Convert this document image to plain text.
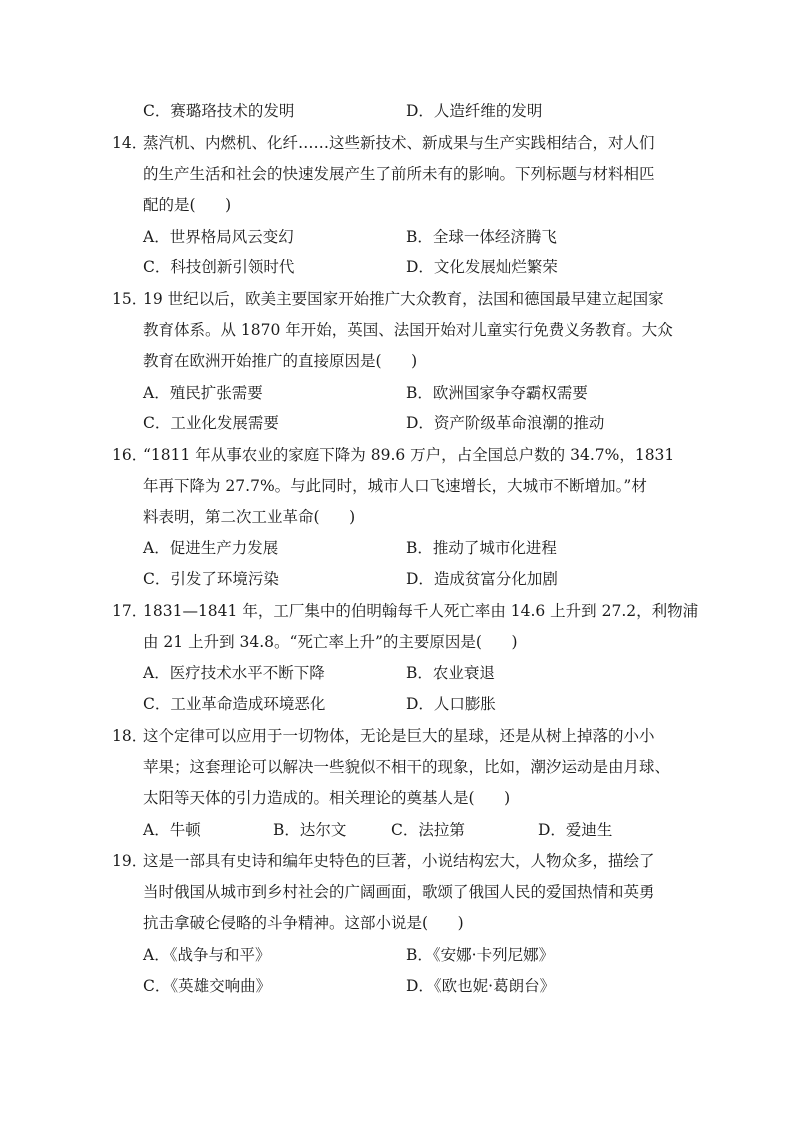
C．赛璐珞技术的发明	D．人造纤维的发明
14．
蒸汽机、内燃机、化纤……这些新技术、新成果与生产实践相结合，对人们
的生产生活和社会的快速发展产生了前所未有的影响。下列标题与材料相匹
配的是(      )
A．世界格局风云变幻	B．全球一体经济腾飞
C．科技创新引领时代	D．文化发展灿烂繁荣
15．
19 世纪以后，欧美主要国家开始推广大众教育，法国和德国最早建立起国家
教育体系。从 1870 年开始，英国、法国开始对儿童实行免费义务教育。大众
教育在欧洲开始推广的直接原因是(      )
A．殖民扩张需要	B．欧洲国家争夺霸权需要
C．工业化发展需要	D．资产阶级革命浪潮的推动
16．
“1811 年从事农业的家庭下降为 89.6 万户，占全国总户数的 34.7%，1831
年再下降为 27.7%。与此同时，城市人口飞速增长，大城市不断增加。”材
料表明，第二次工业革命(      )
A．促进生产力发展	B．推动了城市化进程
C．引发了环境污染	D．造成贫富分化加剧
17．
1831—1841 年，工厂集中的伯明翰每千人死亡率由 14.6 上升到 27.2，利物浦
由 21 上升到 34.8。“死亡率上升”的主要原因是(      )
A．医疗技术水平不断下降	B．农业衰退
C．工业革命造成环境恶化	D．人口膨胀
18．
这个定律可以应用于一切物体，无论是巨大的星球，还是从树上掉落的小小
苹果；这套理论可以解决一些貌似不相干的现象，比如，潮汐运动是由月球、
太阳等天体的引力造成的。相关理论的奠基人是(      )
A．牛顿	B．达尔文	C．法拉第	D．爱迪生
19．
这是一部具有史诗和编年史特色的巨著，小说结构宏大，人物众多，描绘了
当时俄国从城市到乡村社会的广阔画面，歌颂了俄国人民的爱国热情和英勇
抗击拿破仑侵略的斗争精神。这部小说是(      )
A．《战争与和平》	B．《安娜·卡列尼娜》
C．《英雄交响曲》	D．《欧也妮·葛朗台》
